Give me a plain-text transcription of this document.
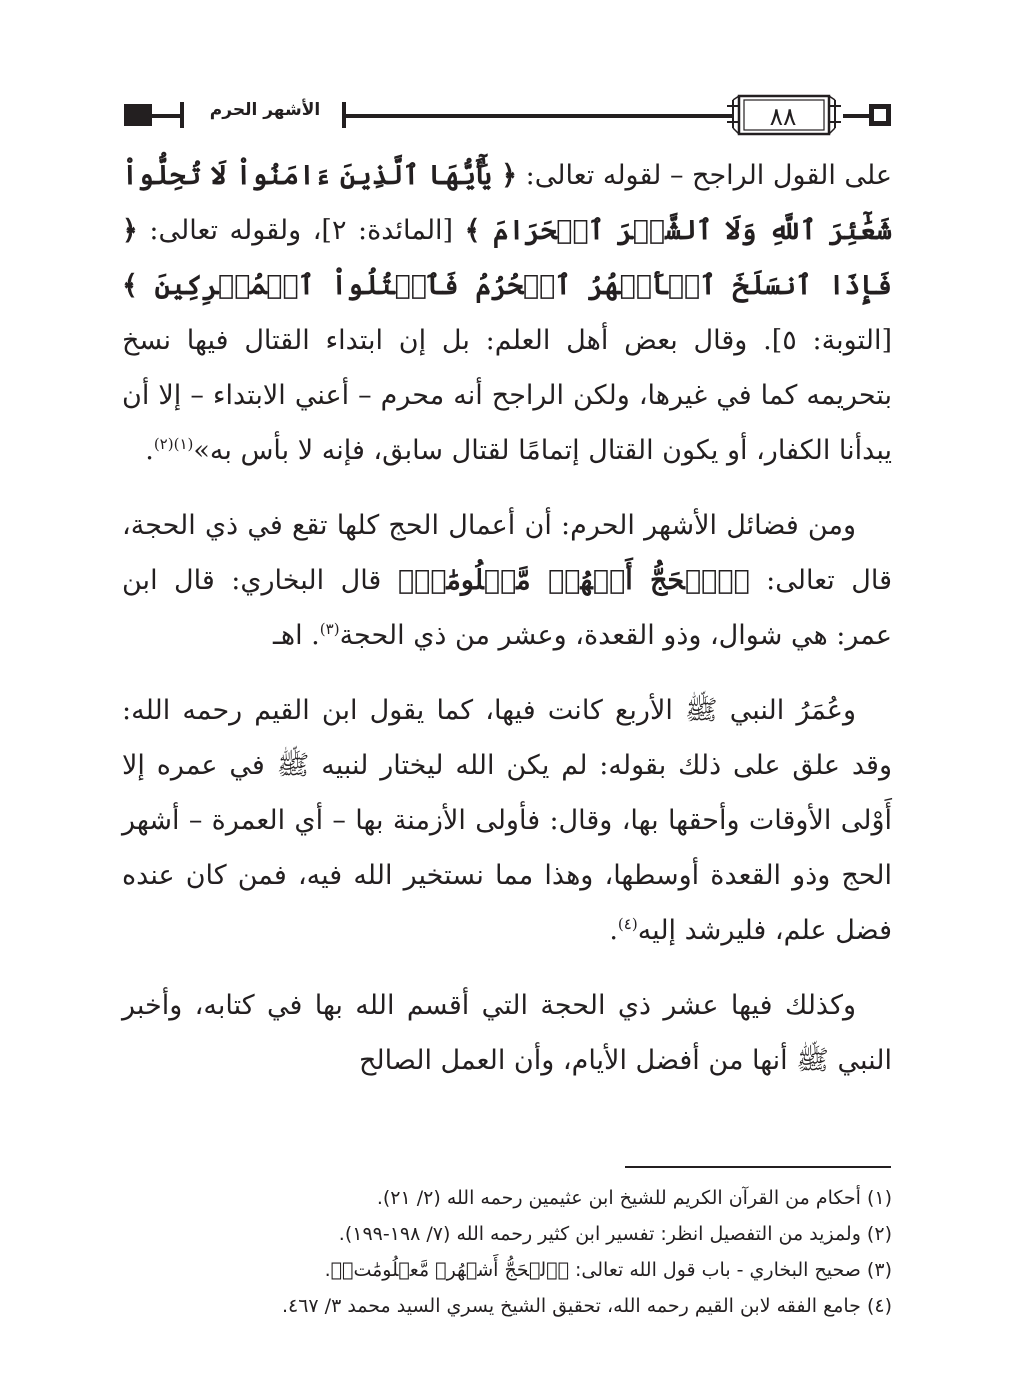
الأشهر الحرم	٨٨

على القول الراجح – لقوله تعالى: ﴿ يَٰٓأَيُّهَا ٱلَّذِينَ ءَامَنُواْ لَا تُحِلُّواْ شَعَٰٓئِرَ ٱللَّهِ وَلَا ٱلشَّهۡرَ ٱلۡحَرَامَ ﴾ [المائدة: ٢]، ولقوله تعالى: ﴿ فَإِذَا ٱنسَلَخَ ٱلۡأَشۡهُرُ ٱلۡحُرُمُ فَٱقۡتُلُواْ ٱلۡمُشۡرِكِينَ ﴾ [التوبة: ٥]. وقال بعض أهل العلم: بل إن ابتداء القتال فيها نسخ بتحريمه كما في غيرها، ولكن الراجح أنه محرم – أعني الابتداء – إلا أن يبدأنا الكفار، أو يكون القتال إتمامًا لقتال سابق، فإنه لا بأس به»$^{(١)(٢)}$.

ومن فضائل الأشهر الحرم: أن أعمال الحج كلها تقع في ذي الحجة، قال تعالى: ﴿ٱلۡحَجُّ أَشۡهُرٞ مَّعۡلُومَٰتٞ﴾ قال البخاري: قال ابن عمر: هي شوال، وذو القعدة، وعشر من ذي الحجة$^{(٣)}$. اهـ

وعُمَرُ النبي ﷺ الأربع كانت فيها، كما يقول ابن القيم رحمه الله: وقد علق على ذلك بقوله: لم يكن الله ليختار لنبيه ﷺ في عمره إلا أَوْلى الأوقات وأحقها بها، وقال: فأولى الأزمنة بها – أي العمرة – أشهر الحج وذو القعدة أوسطها، وهذا مما نستخير الله فيه، فمن كان عنده فضل علم، فليرشد إليه$^{(٤)}$.

وكذلك فيها عشر ذي الحجة التي أقسم الله بها في كتابه، وأخبر النبي ﷺ أنها من أفضل الأيام، وأن العمل الصالح

(١) أحكام من القرآن الكريم للشيخ ابن عثيمين رحمه الله (٢/ ٢١).
(٢) ولمزيد من التفصيل انظر: تفسير ابن كثير رحمه الله (٧/ ١٩٨-١٩٩).
(٣) صحيح البخاري - باب قول الله تعالى: ﴿ٱلۡحَجُّ أَشۡهُرٞ مَّعۡلُومَٰتٞ﴾.
(٤) جامع الفقه لابن القيم رحمه الله، تحقيق الشيخ يسري السيد محمد ٣/ ٤٦٧.
